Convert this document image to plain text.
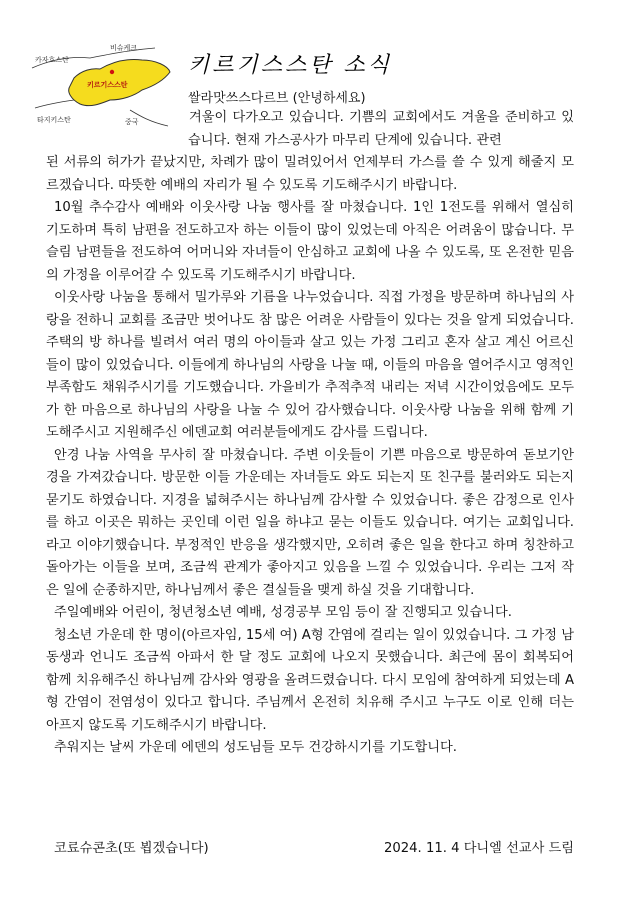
카자흐스탄
비슈케크
키르기스스탄
타지키스탄	중국
키르기스스탄 소식
쌀라맛쓰스다르브 (안녕하세요)
겨울이 다가오고 있습니다. 기쁨의 교회에서도 겨울을 준비하고 있습니다. 현재 가스공사가 마무리 단계에 있습니다. 관련

된 서류의 허가가 끝났지만, 차례가 많이 밀려있어서 언제부터 가스를 쓸 수 있게 해줄지 모르겠습니다. 따뜻한 예배의 자리가 될 수 있도록 기도해주시기 바랍니다.

10월 추수감사 예배와 이웃사랑 나눔 행사를 잘 마쳤습니다. 1인 1전도를 위해서 열심히 기도하며 특히 남편을 전도하고자 하는 이들이 많이 있었는데 아직은 어려움이 많습니다. 무슬림 남편들을 전도하여 어머니와 자녀들이 안심하고 교회에 나올 수 있도록, 또 온전한 믿음의 가정을 이루어갈 수 있도록 기도해주시기 바랍니다.

이웃사랑 나눔을 통해서 밀가루와 기름을 나누었습니다. 직접 가정을 방문하며 하나님의 사랑을 전하니 교회를 조금만 벗어나도 참 많은 어려운 사람들이 있다는 것을 알게 되었습니다. 주택의 방 하나를 빌려서 여러 명의 아이들과 살고 있는 가정 그리고 혼자 살고 계신 어르신들이 많이 있었습니다. 이들에게 하나님의 사랑을 나눌 때, 이들의 마음을 열어주시고 영적인 부족함도 채워주시기를 기도했습니다. 가을비가 추적추적 내리는 저녁 시간이었음에도 모두가 한 마음으로 하나님의 사랑을 나눌 수 있어 감사했습니다. 이웃사랑 나눔을 위해 함께 기도해주시고 지원해주신 에덴교회 여러분들에게도 감사를 드립니다.

안경 나눔 사역을 무사히 잘 마쳤습니다. 주변 이웃들이 기쁜 마음으로 방문하여 돋보기안경을 가져갔습니다. 방문한 이들 가운데는 자녀들도 와도 되는지 또 친구를 불러와도 되는지 묻기도 하였습니다. 지경을 넓혀주시는 하나님께 감사할 수 있었습니다. 좋은 감정으로 인사를 하고 이곳은 뭐하는 곳인데 이런 일을 하냐고 묻는 이들도 있습니다. 여기는 교회입니다. 라고 이야기했습니다. 부정적인 반응을 생각했지만, 오히려 좋은 일을 한다고 하며 칭찬하고 돌아가는 이들을 보며, 조금씩 관계가 좋아지고 있음을 느낄 수 있었습니다. 우리는 그저 작은 일에 순종하지만, 하나님께서 좋은 결실들을 맺게 하실 것을 기대합니다.

주일예배와 어린이, 청년청소년 예배, 성경공부 모임 등이 잘 진행되고 있습니다.

청소년 가운데 한 명이(아르자임, 15세 여) A형 간염에 걸리는 일이 있었습니다. 그 가정 남동생과 언니도 조금씩 아파서 한 달 정도 교회에 나오지 못했습니다. 최근에 몸이 회복되어 함께 치유해주신 하나님께 감사와 영광을 올려드렸습니다. 다시 모임에 참여하게 되었는데 A형 간염이 전염성이 있다고 합니다. 주님께서 온전히 치유해 주시고 누구도 이로 인해 더는 아프지 않도록 기도해주시기 바랍니다.

추워지는 날씨 가운데 에덴의 성도님들 모두 건강하시기를 기도합니다.

코료슈콘초(또 뵙겠습니다)	2024. 11. 4 다니엘 선교사 드림
